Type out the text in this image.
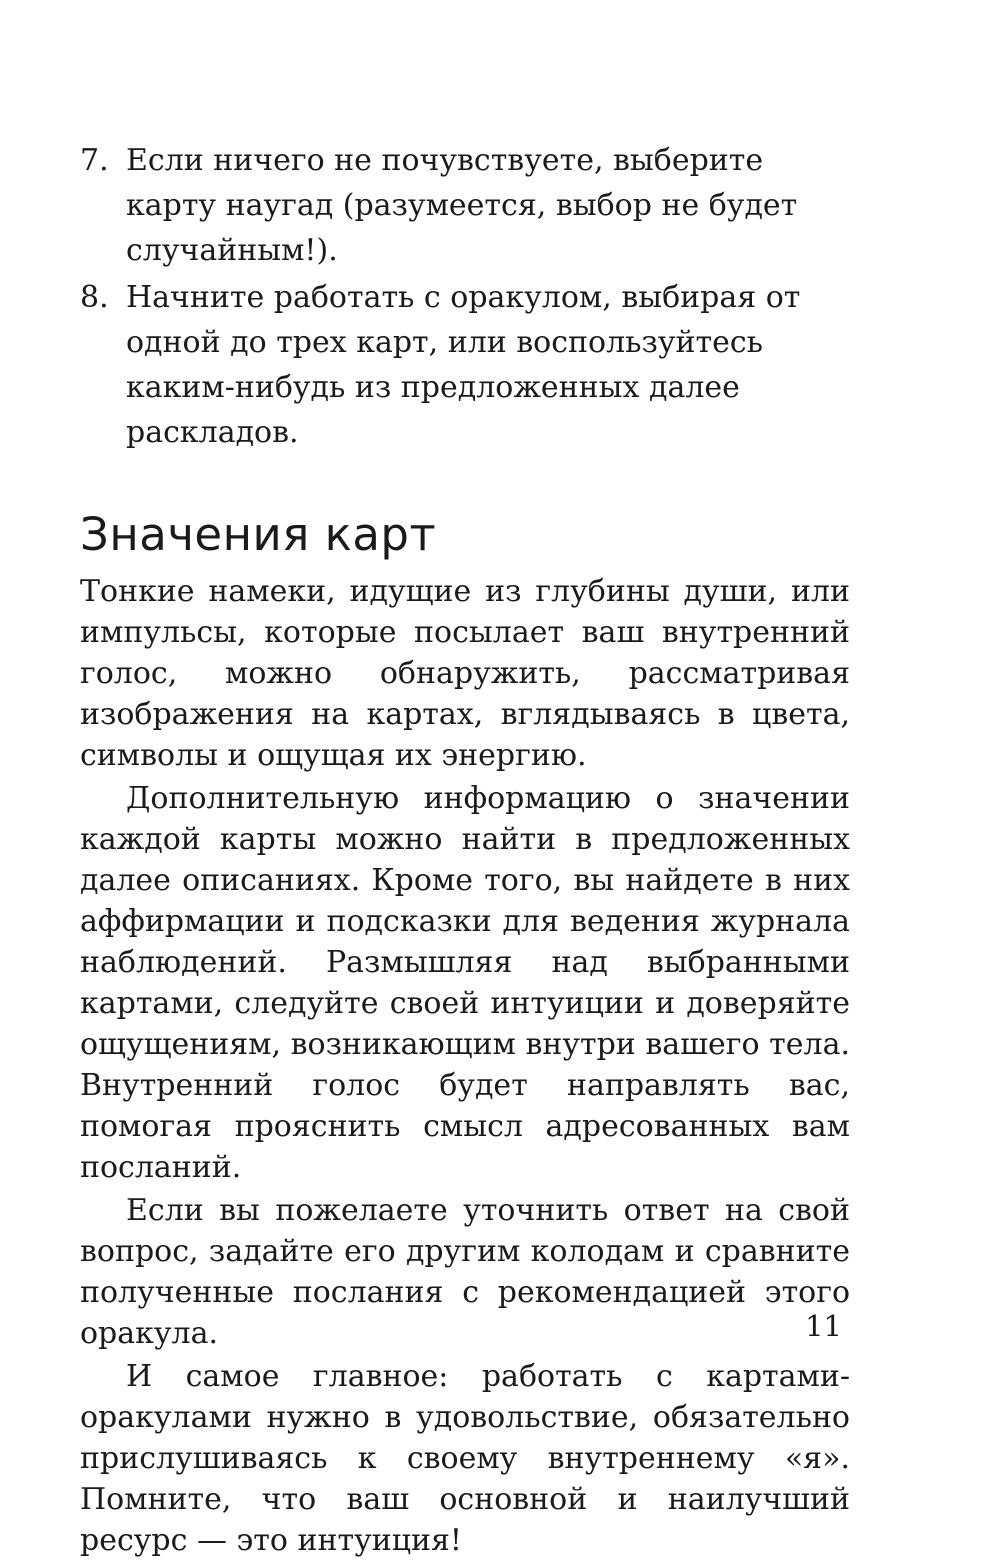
7. Если ничего не почувствуете, выберите карту наугад (разумеется, выбор не будет случайным!).
8. Начните работать с оракулом, выбирая от одной до трех карт, или воспользуйтесь каким-нибудь из предложенных далее раскладов.
Значения карт

Тонкие намеки, идущие из глубины души, или импульсы, которые посылает ваш внутренний голос, можно обнаружить, рассматривая изображения на картах, вглядываясь в цвета, символы и ощущая их энергию.

Дополнительную информацию о значении каждой карты можно найти в предложенных далее описаниях. Кроме того, вы найдете в них аффирмации и подсказки для ведения журнала наблюдений. Размышляя над выбранными картами, следуйте своей интуиции и доверяйте ощущениям, возникающим внутри вашего тела. Внутренний голос будет направлять вас, помогая прояснить смысл адресованных вам посланий.

Если вы пожелаете уточнить ответ на свой вопрос, задайте его другим колодам и сравните полученные послания с рекомендацией этого оракула.

И самое главное: работать с картами-оракулами нужно в удовольствие, обязательно прислушиваясь к своему внутреннему «я». Помните, что ваш основной и наилучший ресурс — это интуиция!

11
